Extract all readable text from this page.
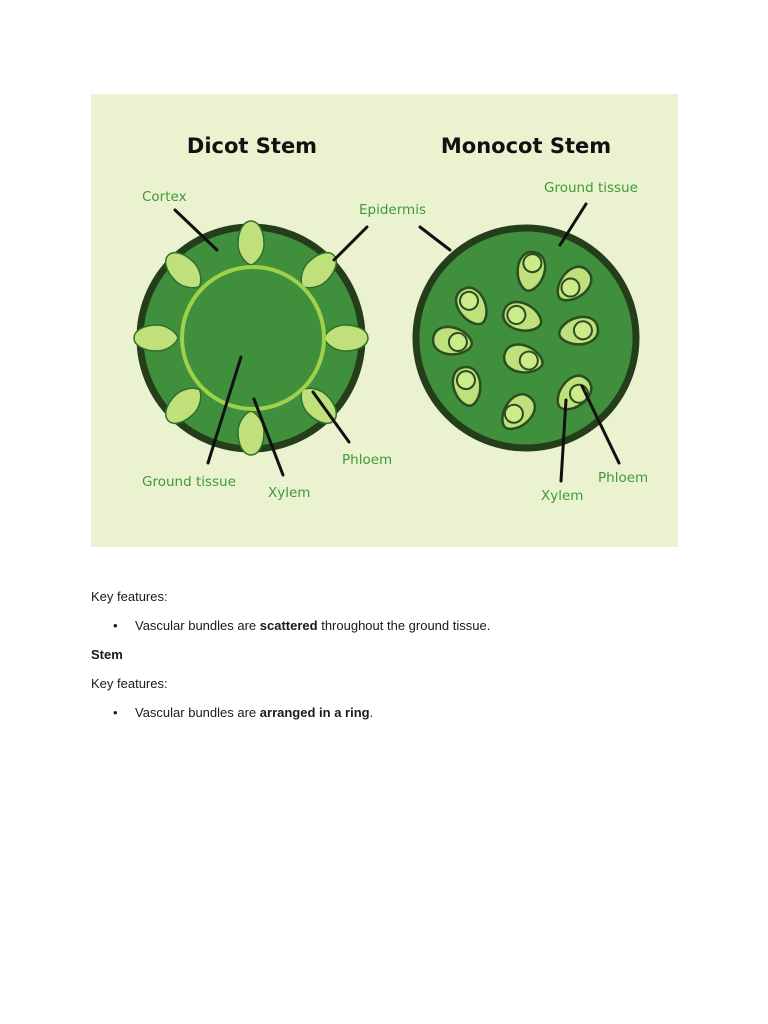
Dicot Stem	Monocot Stem
Cortex
Epidermis
Ground tissue
Xylem
Phloem
Ground tissue
Xylem
Phloem

Key features:

• Vascular bundles are scattered throughout the ground tissue.

Stem

Key features:

• Vascular bundles are arranged in a ring.
